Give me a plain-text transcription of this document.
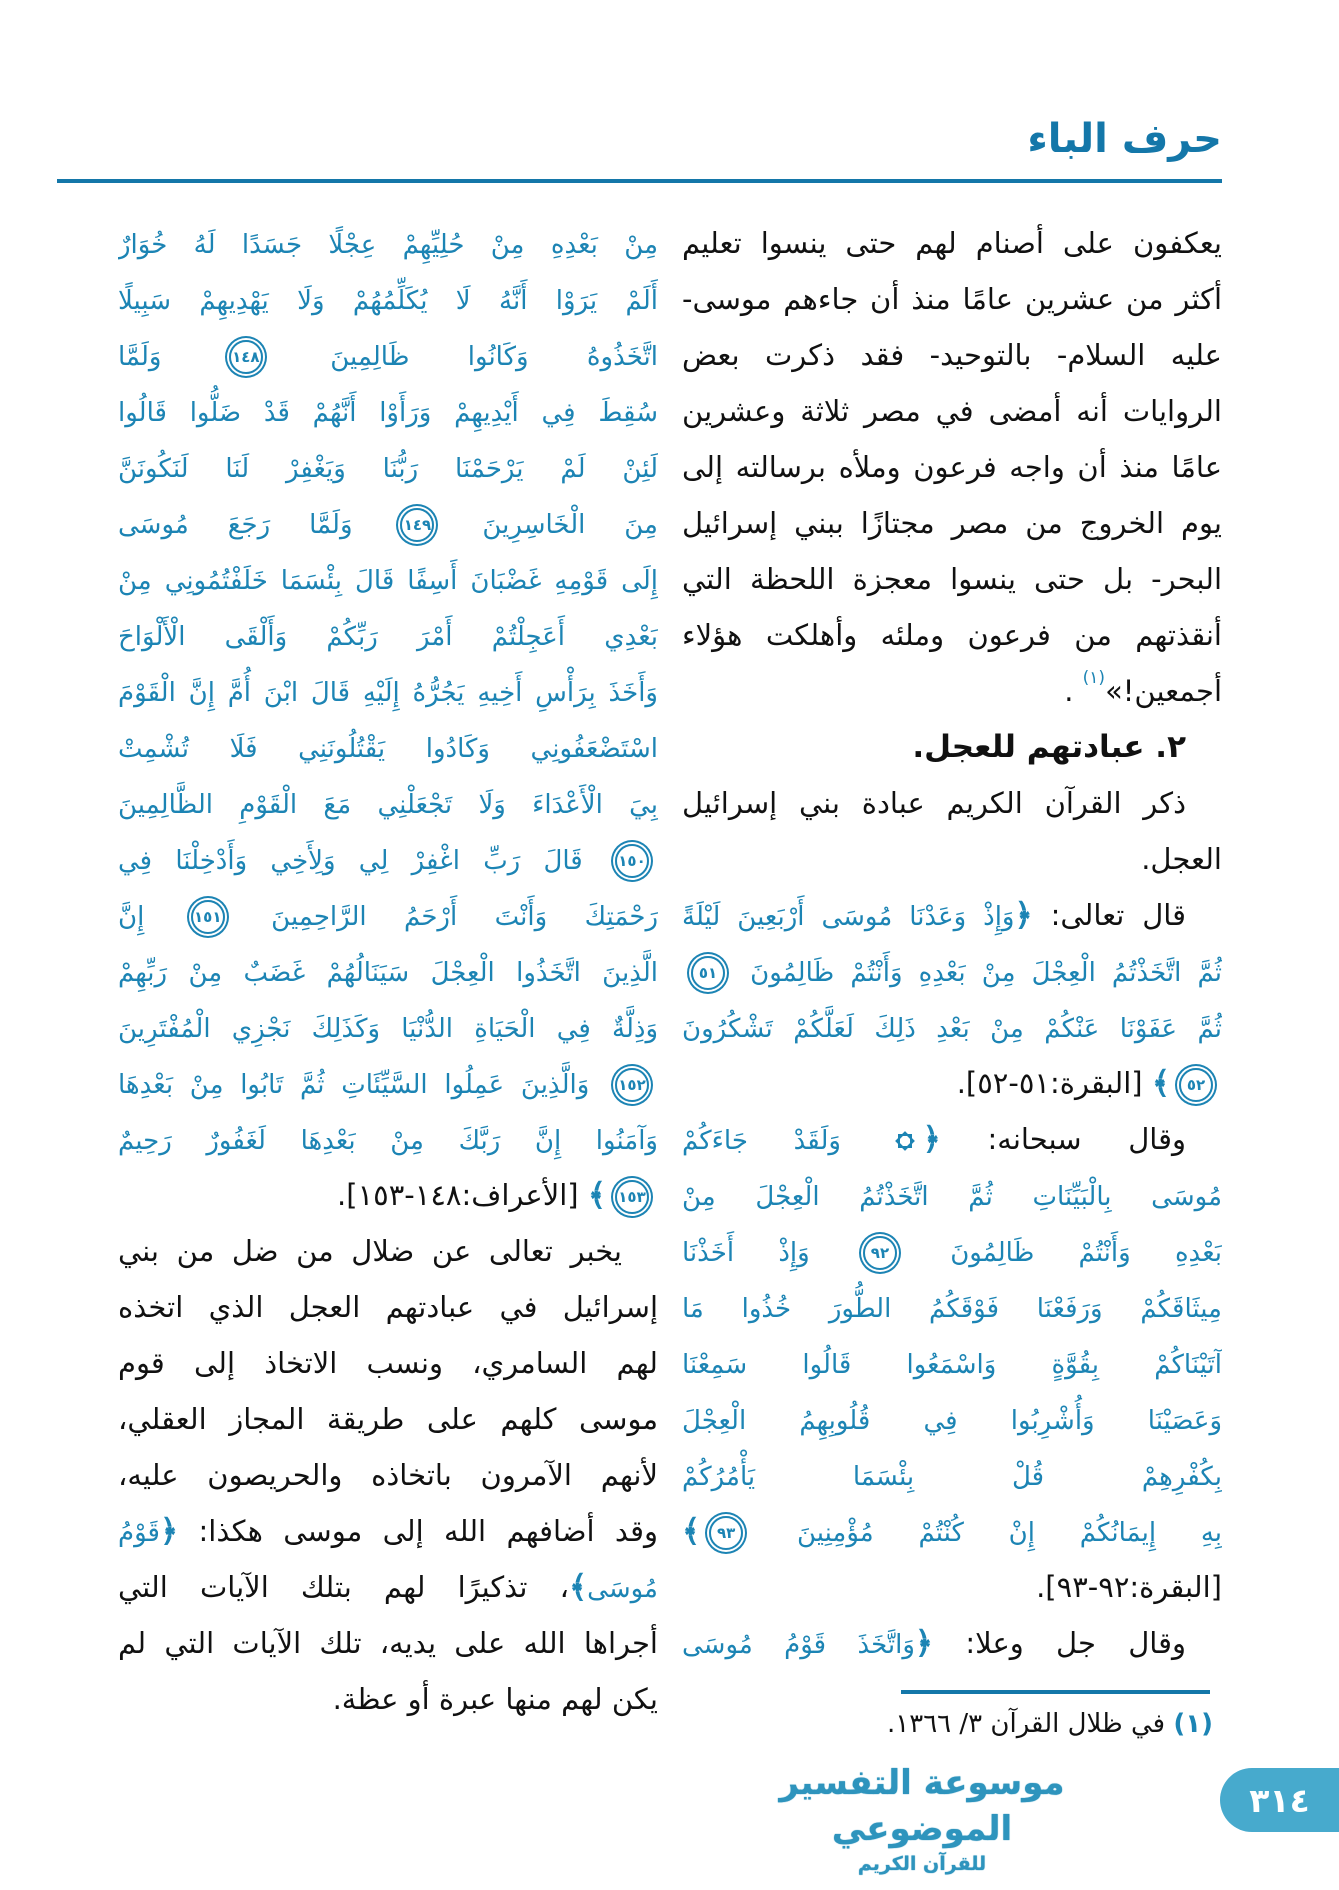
حرف الباء
يعكفون على أصنام لهم حتى ينسوا تعليم
أكثر من عشرين عامًا منذ أن جاءهم موسى-
عليه السلام- بالتوحيد- فقد ذكرت بعض
الروايات أنه أمضى في مصر ثلاثة وعشرين
عامًا منذ أن واجه فرعون وملأه برسالته إلى
يوم الخروج من مصر مجتازًا ببني إسرائيل
البحر- بل حتى ينسوا معجزة اللحظة التي
أنقذتهم من فرعون وملئه وأهلكت هؤلاء
أجمعين!»$^{(١)}$ .
٢. عبادتهم للعجل.
ذكر القرآن الكريم عبادة بني إسرائيل
العجل.
قال تعالى: ﴿وَإِذْ وَعَدْنَا مُوسَى أَرْبَعِينَ لَيْلَةً
ثُمَّ اتَّخَذْتُمُ الْعِجْلَ مِنْ بَعْدِهِ وَأَنْتُمْ ظَالِمُونَ
٥١
ثُمَّ عَفَوْنَا عَنْكُمْ مِنْ بَعْدِ ذَلِكَ لَعَلَّكُمْ تَشْكُرُونَ
٥٢
﴾ [البقرة:٥١-٥٢].
وقال سبحانه: ﴿ وَلَقَدْ جَاءَكُمْ
مُوسَى بِالْبَيِّنَاتِ ثُمَّ اتَّخَذْتُمُ الْعِجْلَ مِنْ
بَعْدِهِ وَأَنْتُمْ ظَالِمُونَ
٩٢
وَإِذْ أَخَذْنَا
مِيثَاقَكُمْ وَرَفَعْنَا فَوْقَكُمُ الطُّورَ خُذُوا مَا
آتَيْنَاكُمْ بِقُوَّةٍ وَاسْمَعُوا قَالُوا سَمِعْنَا
وَعَصَيْنَا وَأُشْرِبُوا فِي قُلُوبِهِمُ الْعِجْلَ
بِكُفْرِهِمْ قُلْ بِئْسَمَا يَأْمُرُكُمْ
بِهِ إِيمَانُكُمْ إِنْ كُنْتُمْ مُؤْمِنِينَ
٩٣
﴾
[البقرة:٩٢-٩٣].
وقال جل وعلا: ﴿وَاتَّخَذَ قَوْمُ مُوسَى
مِنْ بَعْدِهِ مِنْ حُلِيِّهِمْ عِجْلًا جَسَدًا لَهُ خُوَارٌ
أَلَمْ يَرَوْا أَنَّهُ لَا يُكَلِّمُهُمْ وَلَا يَهْدِيهِمْ سَبِيلًا
اتَّخَذُوهُ وَكَانُوا ظَالِمِينَ
١٤٨
وَلَمَّا
سُقِطَ فِي أَيْدِيهِمْ وَرَأَوْا أَنَّهُمْ قَدْ ضَلُّوا قَالُوا
لَئِنْ لَمْ يَرْحَمْنَا رَبُّنَا وَيَغْفِرْ لَنَا لَنَكُونَنَّ
مِنَ الْخَاسِرِينَ
١٤٩
وَلَمَّا رَجَعَ مُوسَى
إِلَى قَوْمِهِ غَضْبَانَ أَسِفًا قَالَ بِئْسَمَا خَلَفْتُمُونِي مِنْ
بَعْدِي أَعَجِلْتُمْ أَمْرَ رَبِّكُمْ وَأَلْقَى الْأَلْوَاحَ
وَأَخَذَ بِرَأْسِ أَخِيهِ يَجُرُّهُ إِلَيْهِ قَالَ ابْنَ أُمَّ إِنَّ الْقَوْمَ
اسْتَضْعَفُونِي وَكَادُوا يَقْتُلُونَنِي فَلَا تُشْمِتْ
بِيَ الْأَعْدَاءَ وَلَا تَجْعَلْنِي مَعَ الْقَوْمِ الظَّالِمِينَ
١٥٠
قَالَ رَبِّ اغْفِرْ لِي وَلِأَخِي وَأَدْخِلْنَا فِي
رَحْمَتِكَ وَأَنْتَ أَرْحَمُ الرَّاحِمِينَ
١٥١
إِنَّ
الَّذِينَ اتَّخَذُوا الْعِجْلَ سَيَنَالُهُمْ غَضَبٌ مِنْ رَبِّهِمْ
وَذِلَّةٌ فِي الْحَيَاةِ الدُّنْيَا وَكَذَلِكَ نَجْزِي الْمُفْتَرِينَ
١٥٢
وَالَّذِينَ عَمِلُوا السَّيِّئَاتِ ثُمَّ تَابُوا مِنْ بَعْدِهَا
وَآمَنُوا إِنَّ رَبَّكَ مِنْ بَعْدِهَا لَغَفُورٌ رَحِيمٌ
١٥٣
﴾ [الأعراف:١٤٨-١٥٣].
يخبر تعالى عن ضلال من ضل من بني
إسرائيل في عبادتهم العجل الذي اتخذه
لهم السامري، ونسب الاتخاذ إلى قوم
موسى كلهم على طريقة المجاز العقلي،
لأنهم الآمرون باتخاذه والحريصون عليه،
وقد أضافهم الله إلى موسى هكذا: ﴿قَوْمُ
مُوسَى﴾، تذكيرًا لهم بتلك الآيات التي
أجراها الله على يديه، تلك الآيات التي لم
يكن لهم منها عبرة أو عظة.
(١) في ظلال القرآن ٣/ ١٣٦٦.
موسوعة التفسير الموضوعي
للقرآن الكريم
٣١٤
